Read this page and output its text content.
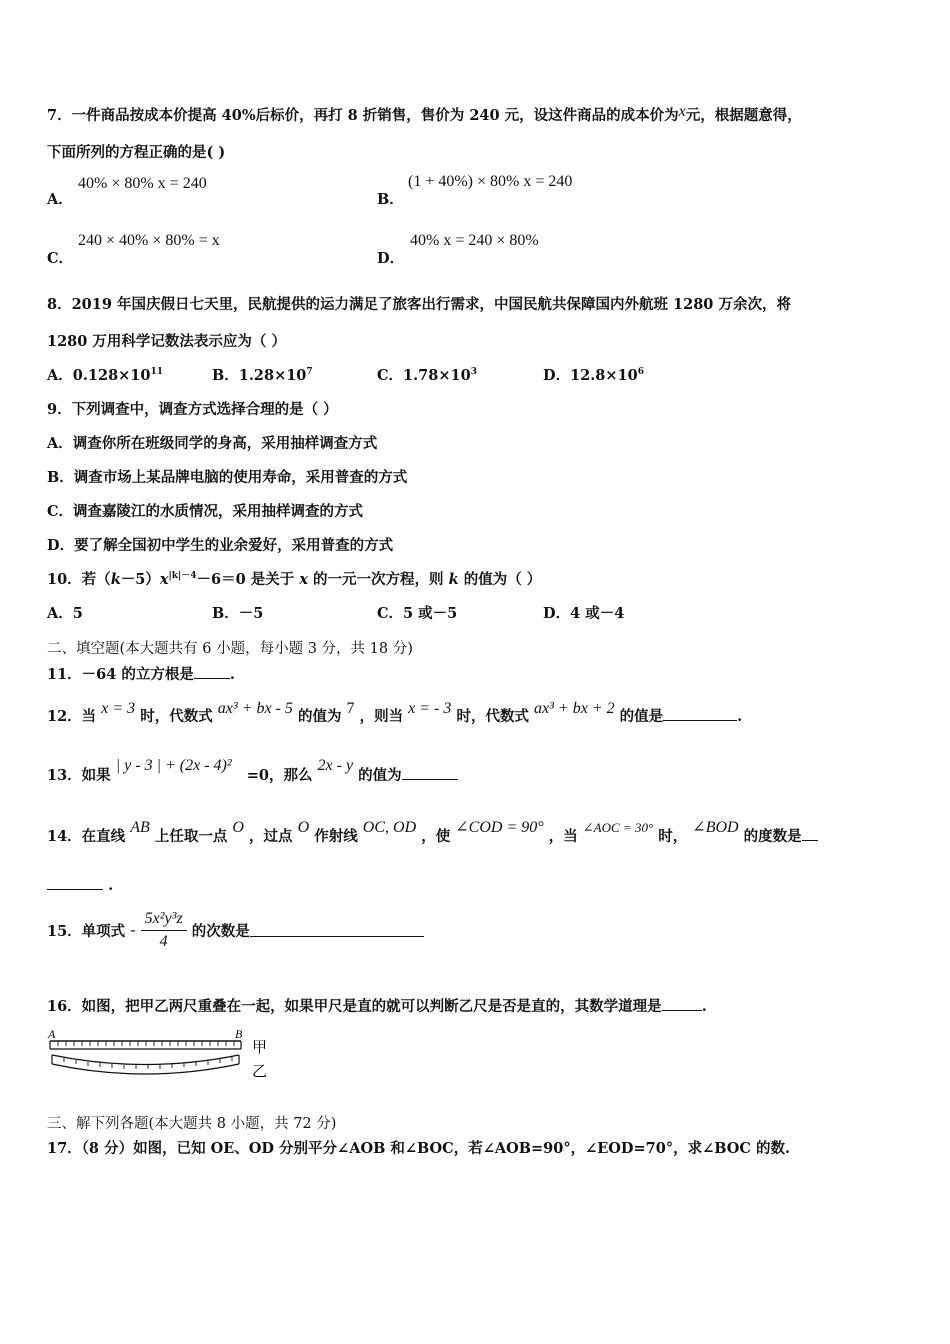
7．一件商品按成本价提高 40%后标价，再打 8 折销售，售价为 240 元，设这件商品的成本价为x元，根据题意得，
下面所列的方程正确的是( )
A．
40% × 80% x = 240
B．
(1 + 40%) × 80% x = 240
C．
240 × 40% × 80% = x
D．
40% x = 240 × 80%
8．2019 年国庆假日七天里，民航提供的运力满足了旅客出行需求，中国民航共保障国内外航班 1280 万余次，将
1280 万用科学记数法表示应为（ ）
A．$0.128\times 10^{11}$	B．$1.28\times 10^7$	C．$1.78\times 10^3$	D．$12.8\times 10^6$
9．下列调查中，调查方式选择合理的是（ ）
A．调查你所在班级同学的身高，采用抽样调查方式
B．调查市场上某品牌电脑的使用寿命，采用普查的方式
C．调查嘉陵江的水质情况，采用抽样调查的方式
D．要了解全国初中学生的业余爱好，采用普查的方式
10．若$(k-5)x^{|k|-4}-6=0$ 是关于 x 的一元一次方程，则 k 的值为（ ）
A．5	B．－5	C．5 或－5	D．4 或－4
二、填空题(本大题共有 6 小题，每小题 3 分，共 18 分)
11．－64 的立方根是 .
12．当 x = 3 时，代数式 ax³ + bx - 5 的值为 7 ，则当 x = - 3 时，代数式 ax³ + bx + 2 的值是	.
13．如果 | y - 3 | + (2x - 4)² =0，那么 2x - y 的值为
14．在直线 AB 上任取一点 O ，过点 O 作射线 OC, OD ，使 ∠COD = 90° ，当 ∠AOC = 30° 时， ∠BOD 的度数是
.
15．单项式 - $\frac{\text{5x²y³z}}{4}$ 的次数是
16．如图，把甲乙两尺重叠在一起，如果甲尺是直的就可以判断乙尺是否是直的，其数学道理是	.
A	B
甲
乙
三、解下列各题(本大题共 8 小题，共 72 分)
17．（8 分）如图，已知 OE、OD 分别平分∠AOB 和∠BOC，若∠AOB=90°，∠EOD=70°，求∠BOC 的数.
